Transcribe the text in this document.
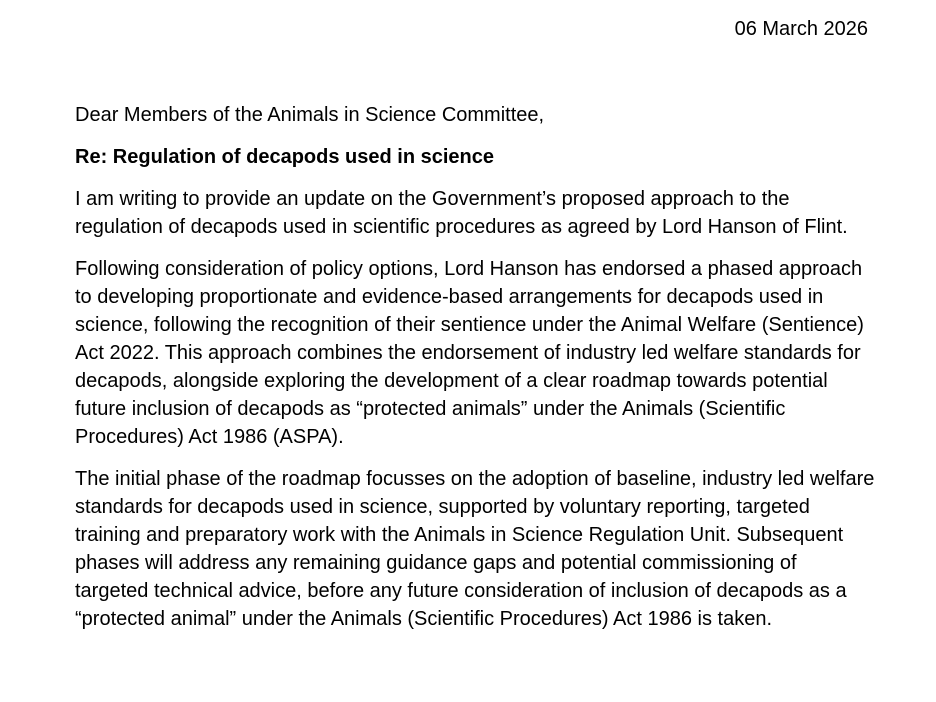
06 March 2026

Dear Members of the Animals in Science Committee,

Re: Regulation of decapods used in science

I am writing to provide an update on the Government’s proposed approach to the regulation of decapods used in scientific procedures as agreed by Lord Hanson of Flint.

Following consideration of policy options, Lord Hanson has endorsed a phased approach to developing proportionate and evidence-based arrangements for decapods used in science, following the recognition of their sentience under the Animal Welfare (Sentience) Act 2022. This approach combines the endorsement of industry led welfare standards for decapods, alongside exploring the development of a clear roadmap towards potential future inclusion of decapods as “protected animals” under the Animals (Scientific Procedures) Act 1986 (ASPA).

The initial phase of the roadmap focusses on the adoption of baseline, industry led welfare standards for decapods used in science, supported by voluntary reporting, targeted training and preparatory work with the Animals in Science Regulation Unit. Subsequent phases will address any remaining guidance gaps and potential commissioning of targeted technical advice, before any future consideration of inclusion of decapods as a “protected animal” under the Animals (Scientific Procedures) Act 1986 is taken.
